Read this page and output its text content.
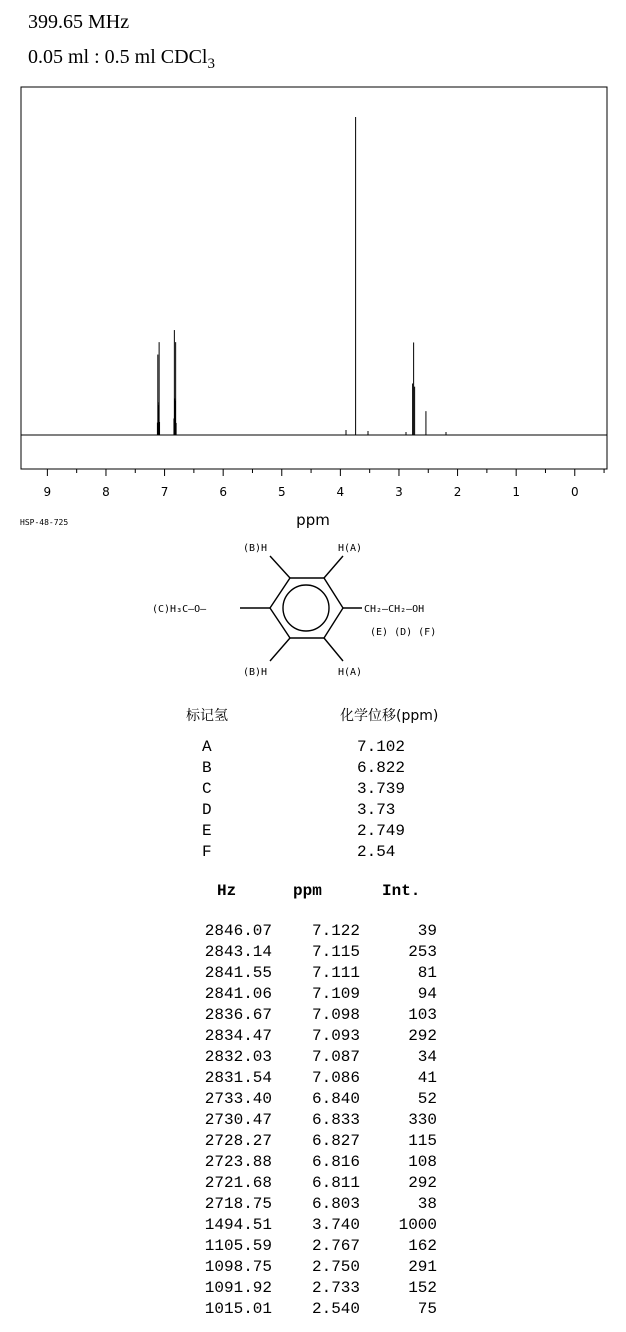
399.65 MHz
0.05 ml : 0.5 ml CDCl$_3$
9	8	7	6	5	4	3	2	1	0
ppm
HSP-48-725
(B)H	H(A)
(B)H	H(A)
(C)H₃C—O—	CH₂—CH₂—OH
(E) (D) (F)
标记氢	化学位移(ppm)
A	7.102
B	6.822
C	3.739
D	3.73
E	2.749
F	2.54
Hz	ppm	Int.
2846.07 7.122	39
2843.14 7.115	253
2841.55 7.111	81
2841.06 7.109	94
2836.67 7.098	103
2834.47 7.093	292
2832.03 7.087	34
2831.54 7.086	41
2733.40 6.840	52
2730.47 6.833	330
2728.27 6.827	115
2723.88 6.816	108
2721.68 6.811	292
2718.75 6.803	38
1494.51 3.740 1000
1105.59 2.767	162
1098.75 2.750	291
1091.92 2.733	152
1015.01 2.540	75
